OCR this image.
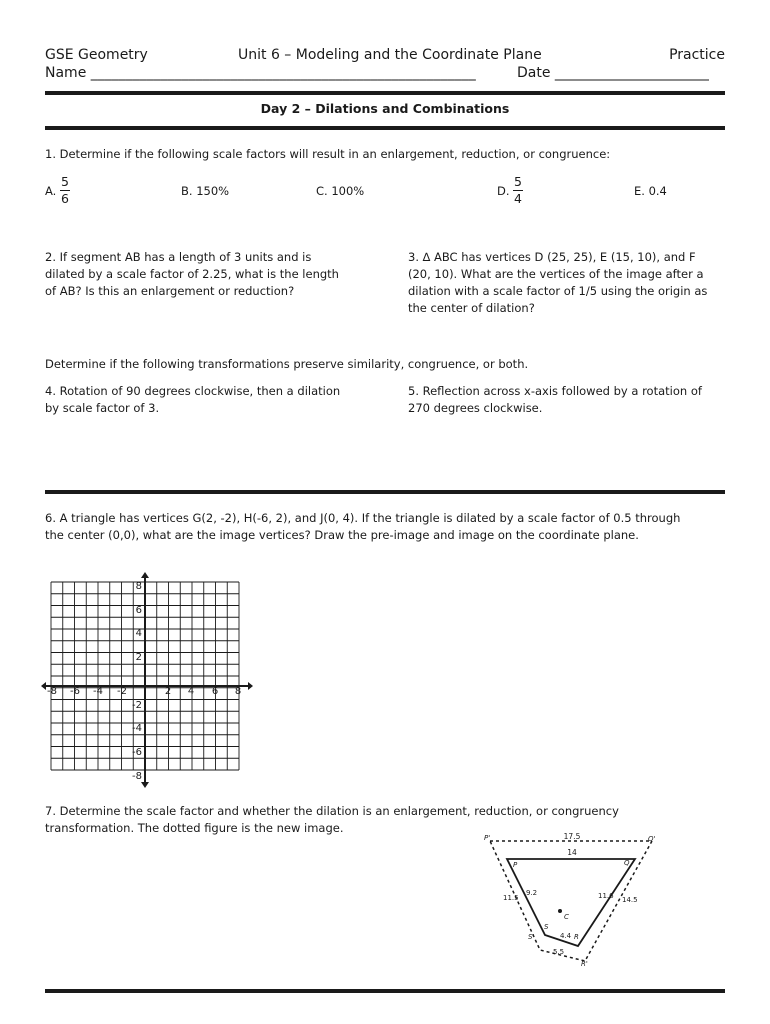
GSE Geometry	Unit 6 – Modeling and the Coordinate Plane	Practice
Name _______________________________________________________	Date ______________________
Day 2 – Dilations and Combinations
1. Determine if the following scale factors will result in an enlargement, reduction, or congruence:
A. $\frac{5}{6}$	B. 150%	C. 100%	D. $\frac{5}{4}$	E. 0.4
2. If segment AB has a length of 3 units and is
dilated by a scale factor of 2.25, what is the length
of AB? Is this an enlargement or reduction?
3. ∆ ABC has vertices D (25, 25), E (15, 10), and F
(20, 10). What are the vertices of the image after a
dilation with a scale factor of 1/5 using the origin as
the center of dilation?
Determine if the following transformations preserve similarity, congruence, or both.
4. Rotation of 90 degrees clockwise, then a dilation
by scale factor of 3.
5. Reflection across x-axis followed by a rotation of
270 degrees clockwise.
6. A triangle has vertices G(2, -2), H(-6, 2), and J(0, 4). If the triangle is dilated by a scale factor of 0.5 through
the center (0,0), what are the image vertices? Draw the pre-image and image on the coordinate plane.
-8 -6 -4 -2	2 4 6 8
8
6
4
2
-2
-4
-6
-8
7. Determine the scale factor and whether the dilation is an enlargement, reduction, or congruency
transformation. The dotted figure is the new image.
17.5
14
11.5
9.2	11.6 14.5
4.4
5.5
P'	Q'
S'
R'
P	Q
S
R
C
